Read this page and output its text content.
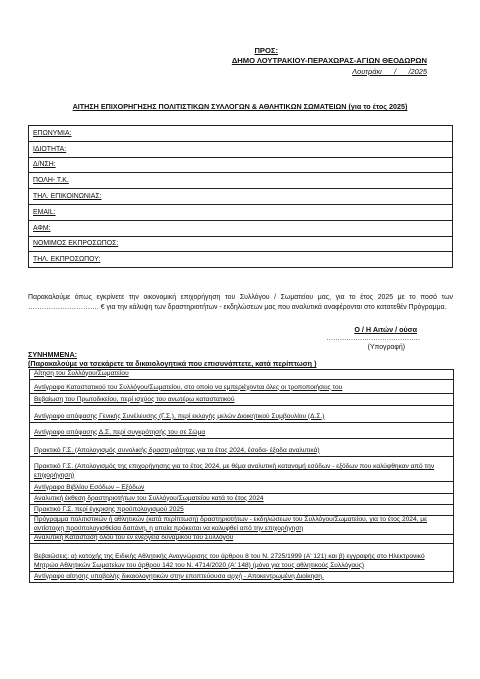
ΠΡΟΣ:
ΔΗΜΟ ΛΟΥΤΡΑΚΙΟΥ-ΠΕΡΑΧΩΡΑΣ-ΑΓΙΩΝ ΘΕΟΔΩΡΩΝ
Λουτράκι      /      /2025
ΑΙΤΗΣΗ ΕΠΙΧΟΡΗΓΗΣΗΣ ΠΟΛΙΤΙΣΤΙΚΩΝ ΣΥΛΛΟΓΩΝ & ΑΘΛΗΤΙΚΩΝ ΣΩΜΑΤΕΙΩΝ (για το έτος 2025)
ΕΠΩΝΥΜΙΑ:
ΙΔΙΟΤΗΤΑ:
Δ/ΝΣΗ:
ΠΟΛΗ- Τ.Κ.
ΤΗΛ. ΕΠΙΚΟΙΝΩΝΙΑΣ:
EMAIL:
ΑΦΜ:
ΝΟΜΙΜΟΣ ΕΚΠΡΟΣΩΠΟΣ:
ΤΗΛ. ΕΚΠΡΟΣΩΠΟΥ:
Παρακαλούμε όπως εγκρίνετε την οικονομική επιχορήγηση του Συλλόγου / Σωματείου μας, για το έτος 2025 με το ποσό των …………………………. € για την κάλυψη των δραστηριοτήτων - εκδηλώσεων μας που αναλυτικά αναφέρονται στο κατατεθέν Πρόγραμμα.
Ο / Η Αιτών / ούσα
……………………………………
(Υπογραφή)
ΣΥΝΗΜΜΕΝΑ:
(Παρακαλούμε να τσεκάρετε τα δικαιολογητικά που επισυνάπτετε, κατά περίπτωση )
Αίτηση του Συλλόγου/Σωματείου
Αντίγραφο Καταστατικού του Συλλόγου/Σωματείου, στο οποίο να εμπεριέχονται όλες οι τροποποιήσεις του
Βεβαίωση του Πρωτοδικείου, περί ισχύος του ανωτέρω καταστατικού
Αντίγραφο απόφασης Γενικής Συνέλευσης (Γ.Σ.), περί εκλογής μελών Διοικητικού Συμβουλίου (Δ.Σ.)
Αντίγραφο απόφασης Δ.Σ, περί συγκρότησής του σε Σώμα
Πρακτικό Γ.Σ. (Απολογισμός συνολικής δραστηριότητας για το έτος 2024, έσοδα- έξοδα αναλυτικά)
Πρακτικό Γ.Σ. (Απολογισμός της επιχορήγησης για το έτος 2024, με θέμα αναλυτική κατανομή εσόδων - εξόδων που καλύφθηκαν από την επιχορήγηση)
Αντίγραφο Βιβλίου Εσόδων – Εξόδων
Αναλυτική έκθεση δραστηριοτήτων του Συλλόγου/Σωματείου κατά το έτος 2024
Πρακτικό Γ.Σ. περί έγκρισης προϋπολογισμού 2025
Πρόγραμμα πολιτιστικών ή αθλητικών (κατά περίπτωση) δραστηριοτήτων - εκδηλώσεων του Συλλόγου/Σωματείου, για το έτος 2024, με αντίστοιχη προϋπολογισθείσα δαπάνη, η οποία πρόκειται να καλυφθεί από την επιχορήγηση
Αναλυτική Κατάσταση όλου του εν ενεργεία δυναμικού του Συλλόγου
Βεβαιώσεις: α) κατοχής της Ειδικής Αθλητικής Αναγνώρισης του άρθρου 8 του Ν. 2725/1999 (Α' 121) και β) εγγραφής στο Ηλεκτρονικό Μητρώο Αθλητικών Σωματείων του άρθρου 142 του Ν. 4714/2020 (Α' 148) (μόνο για τους αθλητικούς Συλλόγους)
Αντίγραφο αίτησης υποβολής δικαιολογητικών στην εποπτεύουσα αρχή - Αποκεντρωμένη Διοίκηση.
